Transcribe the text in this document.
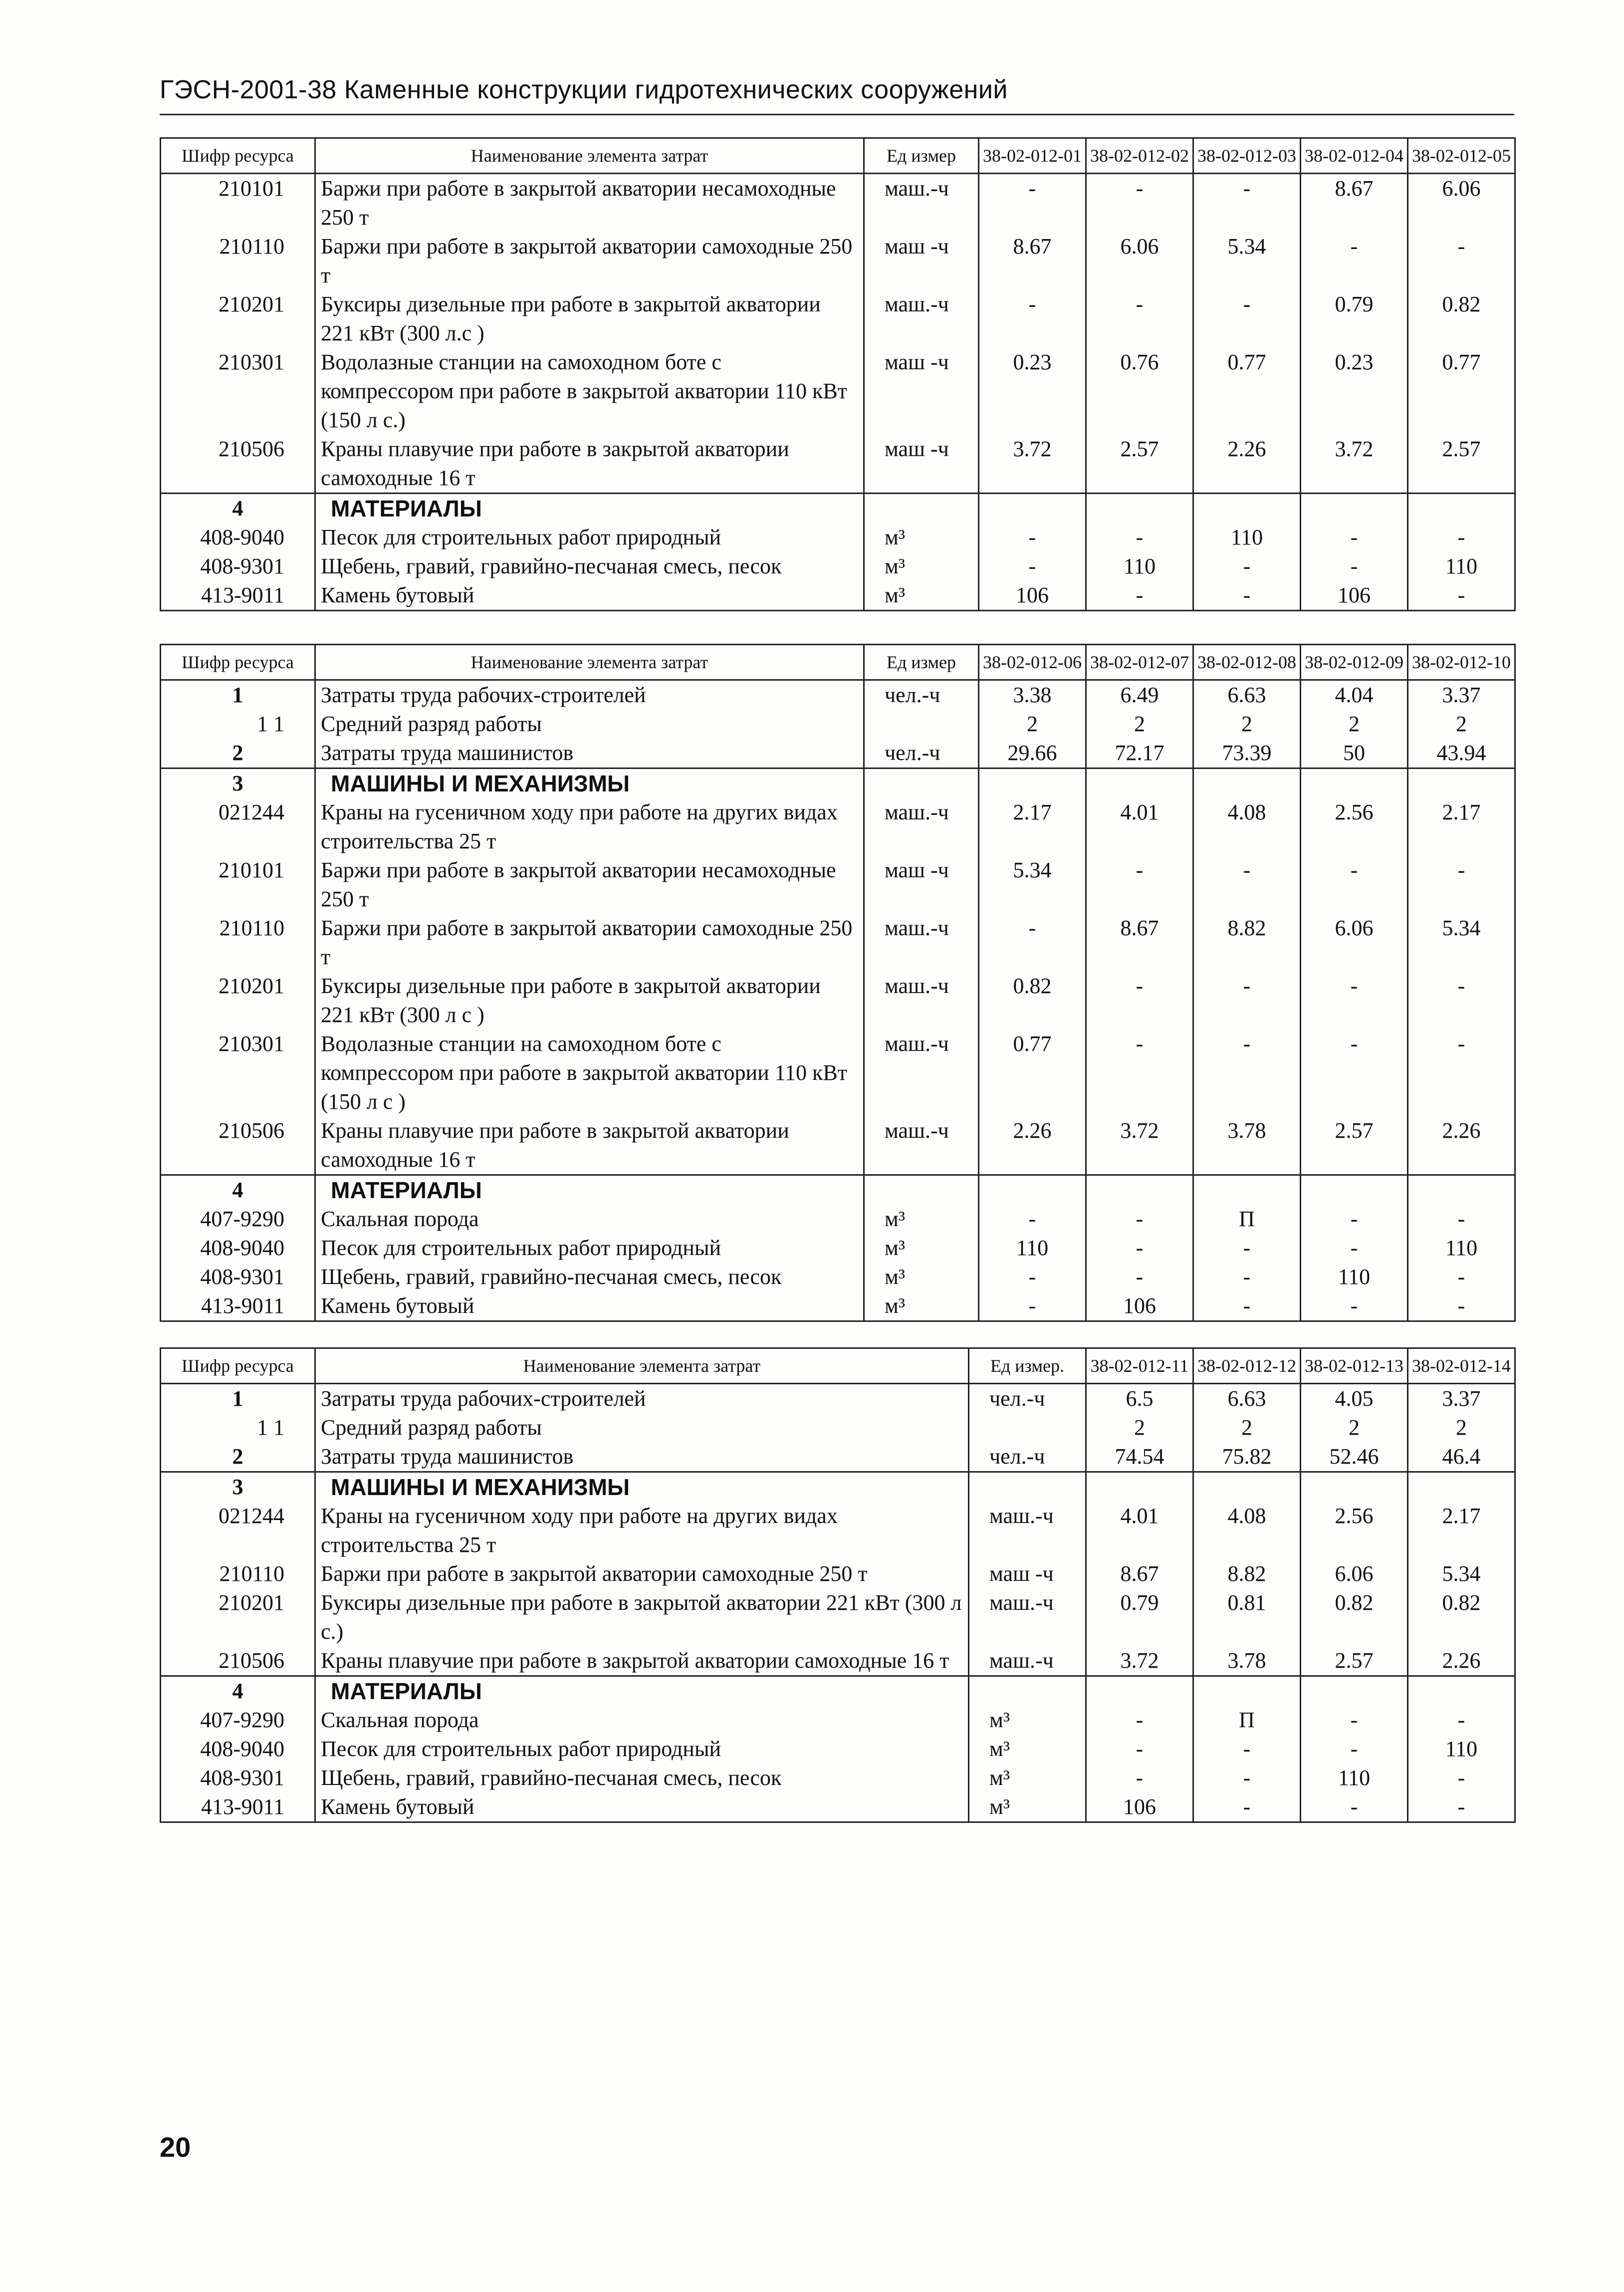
ГЭСН-2001-38 Каменные конструкции гидротехнических сооружений
Шифр ресурса	Наименование элемента затрат	Ед измер	38-02-012-01	38-02-012-02	38-02-012-03	38-02-012-04	38-02-012-05
210101	Баржи при работе в закрытой акватории несамоходные 250 т	маш.-ч	-	-	-	8.67	6.06
210110	Баржи при работе в закрытой акватории самоходные 250 т	маш -ч	8.67	6.06	5.34	-	-
210201	Буксиры дизельные при работе в закрытой акватории 221 кВт (300 л.с )	маш.-ч	-	-	-	0.79	0.82
210301	Водолазные станции на самоходном боте с компрессором при работе в закрытой акватории 110 кВт (150 л с.)	маш -ч	0.23	0.76	0.77	0.23	0.77
210506	Краны плавучие при работе в закрытой акватории самоходные 16 т	маш -ч	3.72	2.57	2.26	3.72	2.57
4	МАТЕРИАЛЫ						
408-9040	Песок для строительных работ природный	м³	-	-	110	-	-
408-9301	Щебень, гравий, гравийно-песчаная смесь, песок	м³	-	110	-	-	110
413-9011	Камень бутовый	м³	106	-	-	106	-
Шифр ресурса	Наименование элемента затрат	Ед измер	38-02-012-06	38-02-012-07	38-02-012-08	38-02-012-09	38-02-012-10
1	Затраты труда рабочих-строителей	чел.-ч	3.38	6.49	6.63	4.04	3.37
1 1	Средний разряд работы		2	2	2	2	2
2	Затраты труда машинистов	чел.-ч	29.66	72.17	73.39	50	43.94
3	МАШИНЫ И МЕХАНИЗМЫ						
021244	Краны на гусеничном ходу при работе на других видах строительства 25 т	маш.-ч	2.17	4.01	4.08	2.56	2.17
210101	Баржи при работе в закрытой акватории несамоходные 250 т	маш -ч	5.34	-	-	-	-
210110	Баржи при работе в закрытой акватории самоходные 250 т	маш.-ч	-	8.67	8.82	6.06	5.34
210201	Буксиры дизельные при работе в закрытой акватории 221 кВт (300 л с )	маш.-ч	0.82	-	-	-	-
210301	Водолазные станции на самоходном боте с компрессором при работе в закрытой акватории 110 кВт (150 л с )	маш.-ч	0.77	-	-	-	-
210506	Краны плавучие при работе в закрытой акватории самоходные 16 т	маш.-ч	2.26	3.72	3.78	2.57	2.26
4	МАТЕРИАЛЫ						
407-9290	Скальная порода	м³	-	-	П	-	-
408-9040	Песок для строительных работ природный	м³	110	-	-	-	110
408-9301	Щебень, гравий, гравийно-песчаная смесь, песок	м³	-	-	-	110	-
413-9011	Камень бутовый	м³	-	106	-	-	-
Шифр ресурса	Наименование элемента затрат	Ед измер.	38-02-012-11	38-02-012-12	38-02-012-13	38-02-012-14
1	Затраты труда рабочих-строителей	чел.-ч	6.5	6.63	4.05	3.37
1 1	Средний разряд работы		2	2	2	2
2	Затраты труда машинистов	чел.-ч	74.54	75.82	52.46	46.4
3	МАШИНЫ И МЕХАНИЗМЫ					
021244	Краны на гусеничном ходу при работе на других видах строительства 25 т	маш.-ч	4.01	4.08	2.56	2.17
210110	Баржи при работе в закрытой акватории самоходные 250 т	маш -ч	8.67	8.82	6.06	5.34
210201	Буксиры дизельные при работе в закрытой акватории 221 кВт (300 л с.)	маш.-ч	0.79	0.81	0.82	0.82
210506	Краны плавучие при работе в закрытой акватории самоходные 16 т	маш.-ч	3.72	3.78	2.57	2.26
4	МАТЕРИАЛЫ					
407-9290	Скальная порода	м³	-	П	-	-
408-9040	Песок для строительных работ природный	м³	-	-	-	110
408-9301	Щебень, гравий, гравийно-песчаная смесь, песок	м³	-	-	110	-
413-9011	Камень бутовый	м³	106	-	-	-
20
